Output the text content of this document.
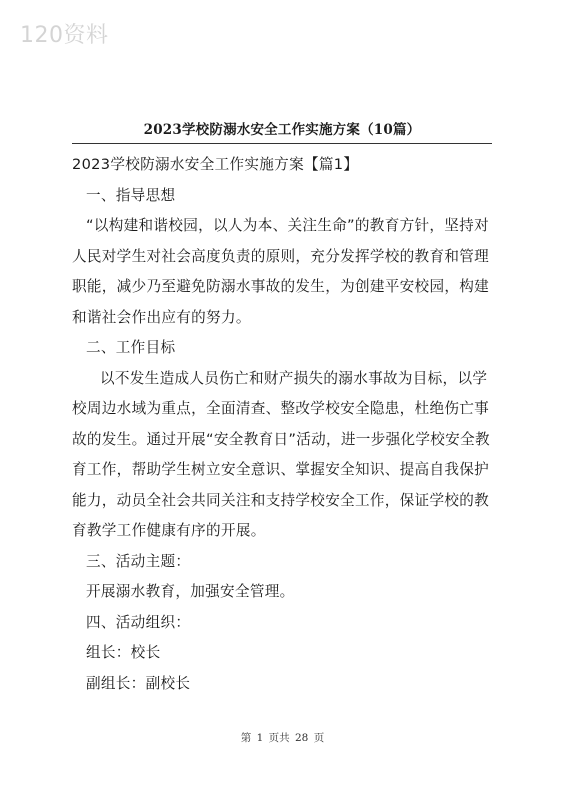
120资料
2023学校防溺水安全工作实施方案（10篇）

2023学校防溺水安全工作实施方案【篇1】

一、指导思想

“以构建和谐校园，以人为本、关注生命”的教育方针，坚持对人民对学生对社会高度负责的原则，充分发挥学校的教育和管理职能，减少乃至避免防溺水事故的发生，为创建平安校园，构建和谐社会作出应有的努力。

二、工作目标

以不发生造成人员伤亡和财产损失的溺水事故为目标，以学校周边水域为重点，全面清查、整改学校安全隐患，杜绝伤亡事故的发生。通过开展“安全教育日”活动，进一步强化学校安全教育工作，帮助学生树立安全意识、掌握安全知识、提高自我保护能力，动员全社会共同关注和支持学校安全工作，保证学校的教育教学工作健康有序的开展。

三、活动主题：

开展溺水教育，加强安全管理。

四、活动组织：

组长：校长

副组长：副校长

第 1 页共 28 页
